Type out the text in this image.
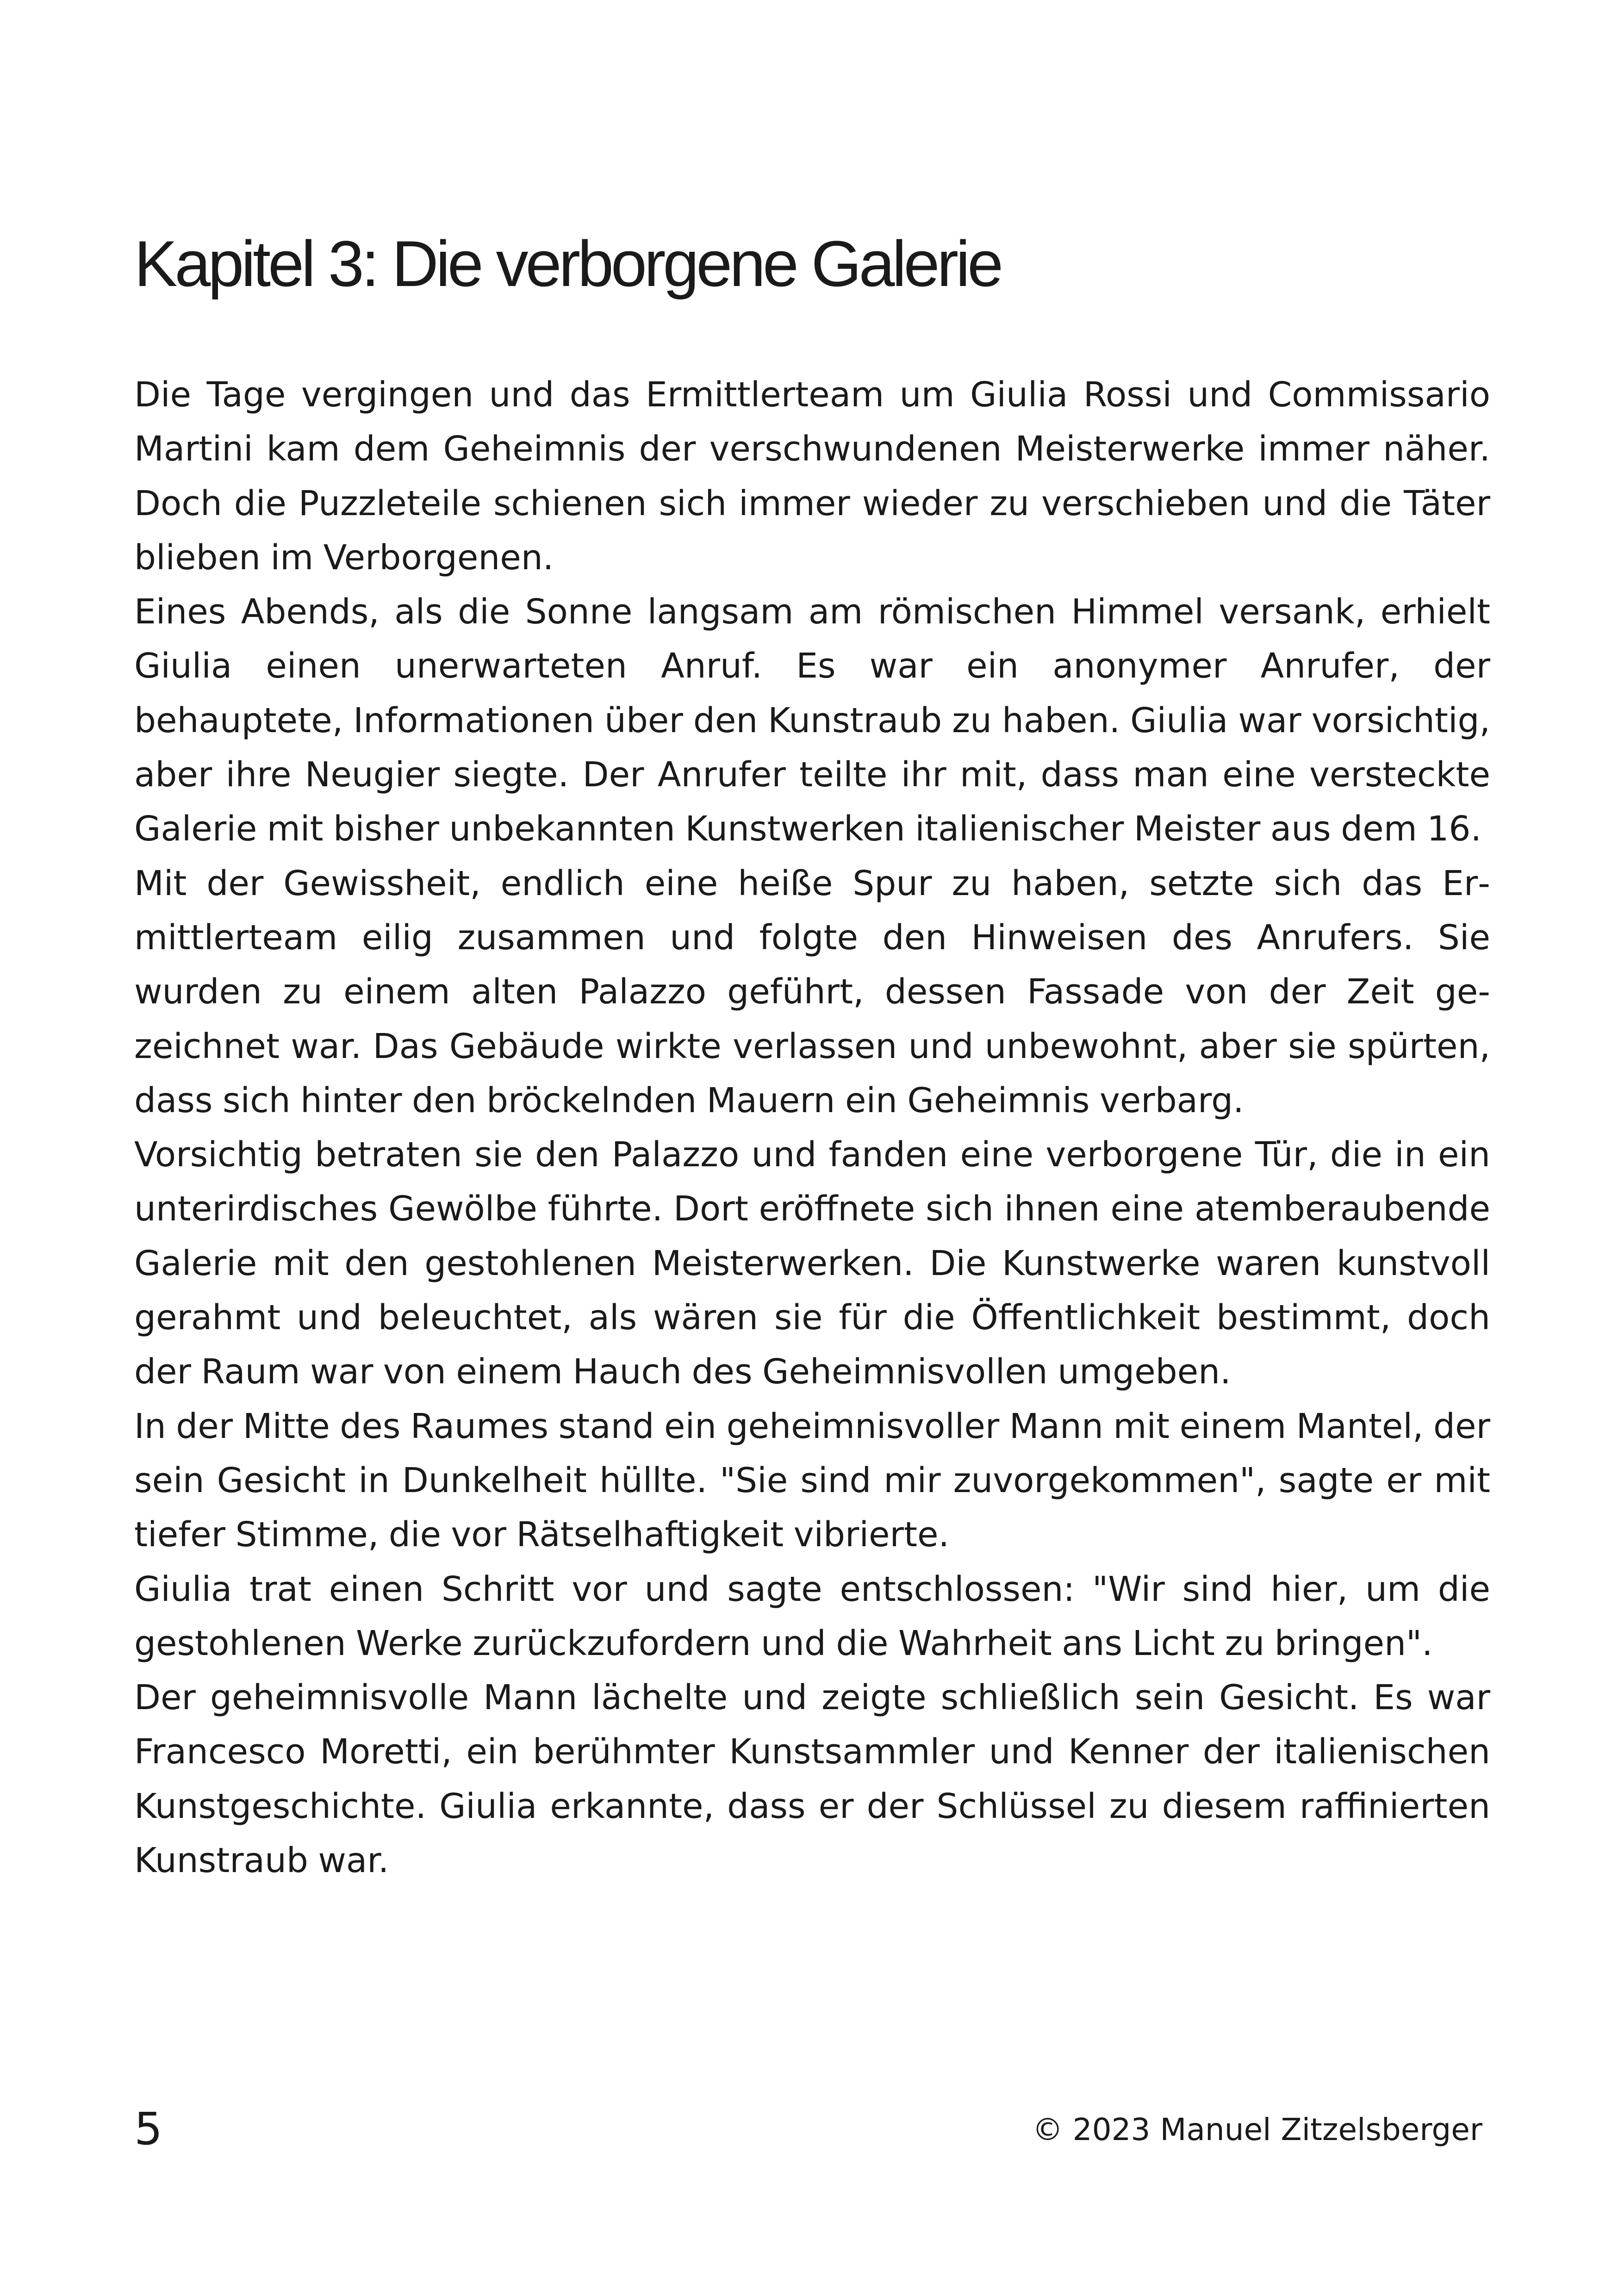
Kapitel 3: Die verborgene Galerie

Die Tage vergingen und das Ermittlerteam um Giulia Rossi und Commissario Martini kam dem Geheimnis der verschwundenen Meisterwerke immer näher. Doch die Puzzleteile schienen sich immer wieder zu verschieben und die Täter blieben im Verborgenen.

Eines Abends, als die Sonne langsam am römischen Himmel versank, erhielt Giulia einen unerwarteten Anruf. Es war ein anonymer Anrufer, der behauptete, Informationen über den Kunstraub zu haben. Giulia war vorsichtig, aber ihre Neugier siegte. Der Anrufer teilte ihr mit, dass man eine versteckte Galerie mit bisher unbekannten Kunstwerken italienischer Meister aus dem 16.

Mit der Gewissheit, endlich eine heiße Spur zu haben, setzte sich das Ermittlerteam eilig zusammen und folgte den Hinweisen des Anrufers. Sie wurden zu einem alten Palazzo geführt, dessen Fassade von der Zeit gezeichnet war. Das Gebäude wirkte verlassen und unbewohnt, aber sie spürten, dass sich hinter den bröckelnden Mauern ein Geheimnis verbarg.

Vorsichtig betraten sie den Palazzo und fanden eine verborgene Tür, die in ein unterirdisches Gewölbe führte. Dort eröffnete sich ihnen eine atemberaubende Galerie mit den gestohlenen Meisterwerken. Die Kunstwerke waren kunstvoll gerahmt und beleuchtet, als wären sie für die Öffentlichkeit bestimmt, doch der Raum war von einem Hauch des Geheimnisvollen umgeben.

In der Mitte des Raumes stand ein geheimnisvoller Mann mit einem Mantel, der sein Gesicht in Dunkelheit hüllte. "Sie sind mir zuvorgekommen", sagte er mit tiefer Stimme, die vor Rätselhaftigkeit vibrierte.

Giulia trat einen Schritt vor und sagte entschlossen: "Wir sind hier, um die gestohlenen Werke zurückzufordern und die Wahrheit ans Licht zu bringen".

Der geheimnisvolle Mann lächelte und zeigte schließlich sein Gesicht. Es war Francesco Moretti, ein berühmter Kunstsammler und Kenner der italienischen Kunstgeschichte. Giulia erkannte, dass er der Schlüssel zu diesem raffinierten Kunstraub war.

5	© 2023 Manuel Zitzelsberger
